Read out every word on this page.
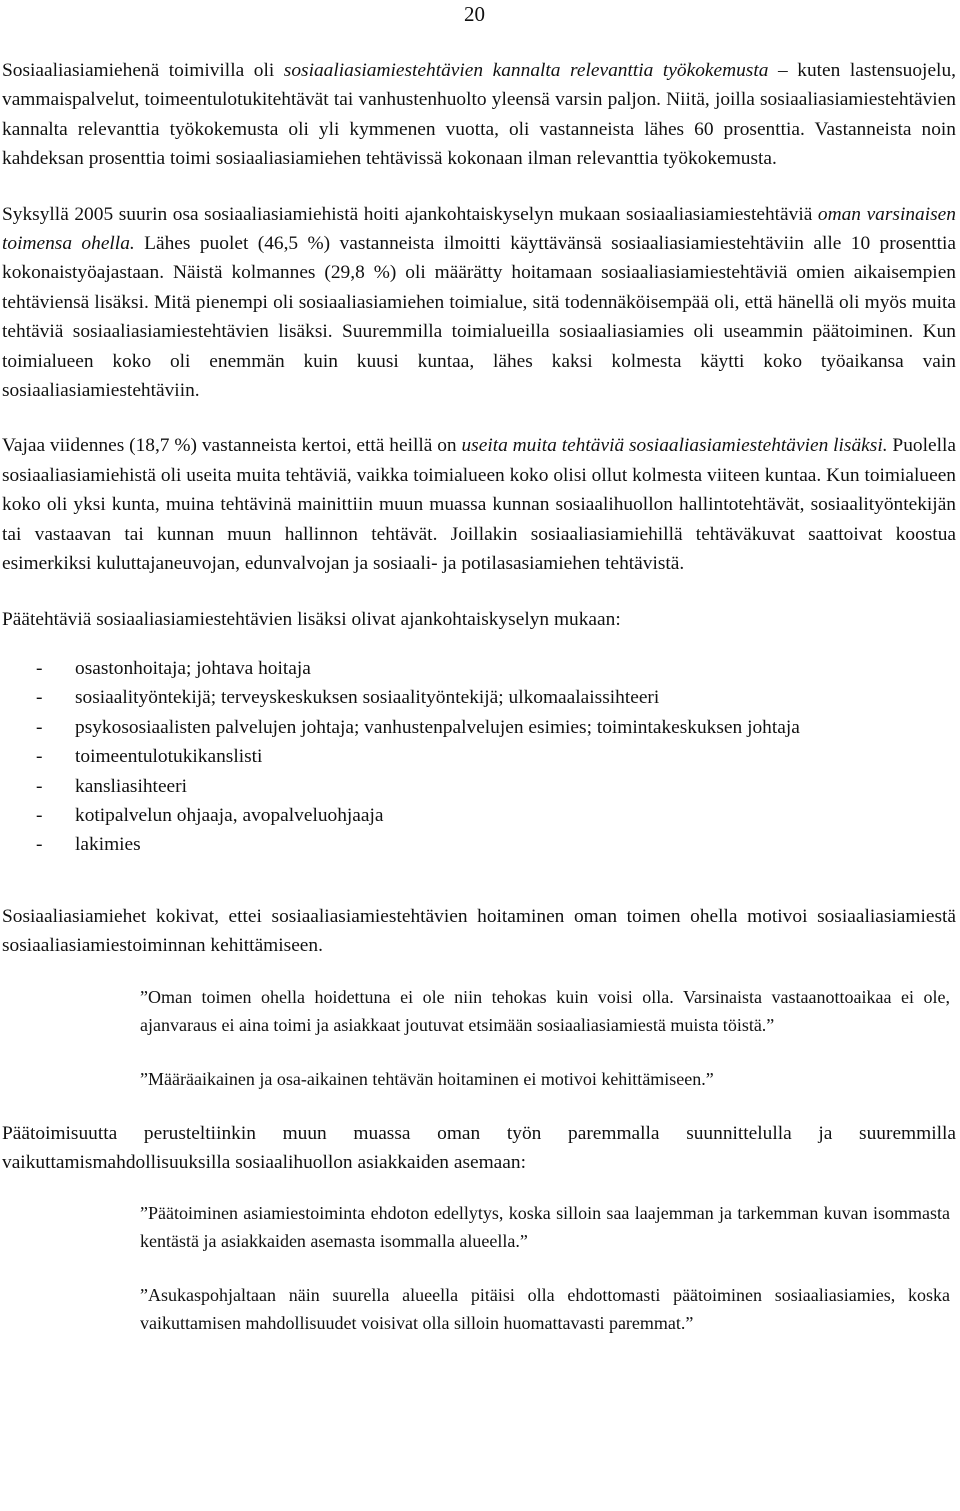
20

Sosiaaliasiamiehenä toimivilla oli sosiaaliasiamiestehtävien kannalta relevanttia työkokemusta – kuten lastensuojelu, vammaispalvelut, toimeentulotukitehtävät tai vanhustenhuolto yleensä varsin paljon. Niitä, joilla sosiaaliasiamiestehtävien kannalta relevanttia työkokemusta oli yli kymmenen vuotta, oli vastanneista lähes 60 prosenttia. Vastanneista noin kahdeksan prosenttia toimi sosiaaliasiamiehen tehtävissä kokonaan ilman relevanttia työkokemusta.

Syksyllä 2005 suurin osa sosiaaliasiamiehistä hoiti ajankohtaiskyselyn mukaan sosiaaliasiamiestehtäviä oman varsinaisen toimensa ohella. Lähes puolet (46,5 %) vastanneista ilmoitti käyttävänsä sosiaaliasiamiestehtäviin alle 10 prosenttia kokonaistyöajastaan. Näistä kolmannes (29,8 %) oli määrätty hoitamaan sosiaaliasiamiestehtäviä omien aikaisempien tehtäviensä lisäksi. Mitä pienempi oli sosiaaliasiamiehen toimialue, sitä todennäköisempää oli, että hänellä oli myös muita tehtäviä sosiaaliasiamiestehtävien lisäksi. Suuremmilla toimialueilla sosiaaliasiamies oli useammin päätoiminen. Kun toimialueen koko oli enemmän kuin kuusi kuntaa, lähes kaksi kolmesta käytti koko työaikansa vain sosiaaliasiamiestehtäviin.

Vajaa viidennes (18,7 %) vastanneista kertoi, että heillä on useita muita tehtäviä sosiaaliasiamiestehtävien lisäksi. Puolella sosiaaliasiamiehistä oli useita muita tehtäviä, vaikka toimialueen koko olisi ollut kolmesta viiteen kuntaa. Kun toimialueen koko oli yksi kunta, muina tehtävinä mainittiin muun muassa kunnan sosiaalihuollon hallintotehtävät, sosiaalityöntekijän tai vastaavan tai kunnan muun hallinnon tehtävät. Joillakin sosiaaliasiamiehillä tehtäväkuvat saattoivat koostua esimerkiksi kuluttajaneuvojan, edunvalvojan ja sosiaali- ja potilasasiamiehen tehtävistä.

Päätehtäviä sosiaaliasiamiestehtävien lisäksi olivat ajankohtaiskyselyn mukaan:

- osastonhoitaja; johtava hoitaja
- sosiaalityöntekijä; terveyskeskuksen sosiaalityöntekijä; ulkomaalaissihteeri
- psykososiaalisten palvelujen johtaja; vanhustenpalvelujen esimies; toimintakeskuksen johtaja
- toimeentulotukikanslisti
- kansliasihteeri
- kotipalvelun ohjaaja, avopalveluohjaaja
- lakimies

Sosiaaliasiamiehet kokivat, ettei sosiaaliasiamiestehtävien hoitaminen oman toimen ohella motivoi sosiaaliasiamiestä sosiaaliasiamiestoiminnan kehittämiseen.

”Oman toimen ohella hoidettuna ei ole niin tehokas kuin voisi olla. Varsinaista vastaanottoaikaa ei ole, ajanvaraus ei aina toimi ja asiakkaat joutuvat etsimään sosiaaliasiamiestä muista töistä.”

”Määräaikainen ja osa-aikainen tehtävän hoitaminen ei motivoi kehittämiseen.”

Päätoimisuutta perusteltiinkin muun muassa oman työn paremmalla suunnittelulla ja suuremmilla vaikuttamismahdollisuuksilla sosiaalihuollon asiakkaiden asemaan:

”Päätoiminen asiamiestoiminta ehdoton edellytys, koska silloin saa laajemman ja tarkemman kuvan isommasta kentästä ja asiakkaiden asemasta isommalla alueella.”

”Asukaspohjaltaan näin suurella alueella pitäisi olla ehdottomasti päätoiminen sosiaaliasiamies, koska vaikuttamisen mahdollisuudet voisivat olla silloin huomattavasti paremmat.”
